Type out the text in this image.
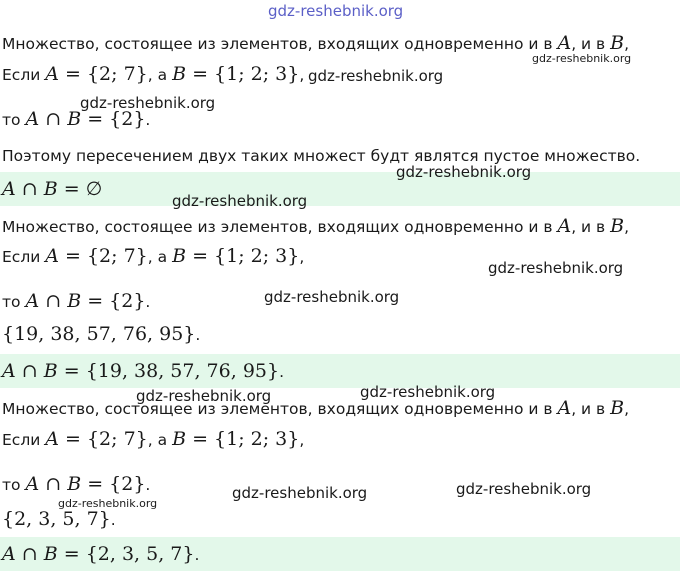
Множество, состоящее из элементов, входящих одновременно и в A, и в B,
Если A = {2; 7}, а B = {1; 2; 3},
то A ∩ B = {2}.
Поэтому пересечением двух таких множест будт являтся пустое множество.
A ∩ B = ∅
Множество, состоящее из элементов, входящих одновременно и в A, и в B,
Если A = {2; 7}, а B = {1; 2; 3},
то A ∩ B = {2}.
{19, 38, 57, 76, 95}.
A ∩ B = {19, 38, 57, 76, 95}.
Множество, состоящее из элементов, входящих одновременно и в A, и в B,
Если A = {2; 7}, а B = {1; 2; 3},
то A ∩ B = {2}.
{2, 3, 5, 7}.
A ∩ B = {2, 3, 5, 7}.
gdz-reshebnik.org
gdz-reshebnik.org
gdz-reshebnik.org
gdz-reshebnik.org
gdz-reshebnik.org
gdz-reshebnik.org
gdz-reshebnik.org
gdz-reshebnik.org
gdz-reshebnik.org
gdz-reshebnik.org
gdz-reshebnik.org
gdz-reshebnik.org
gdz-reshebnik.org
